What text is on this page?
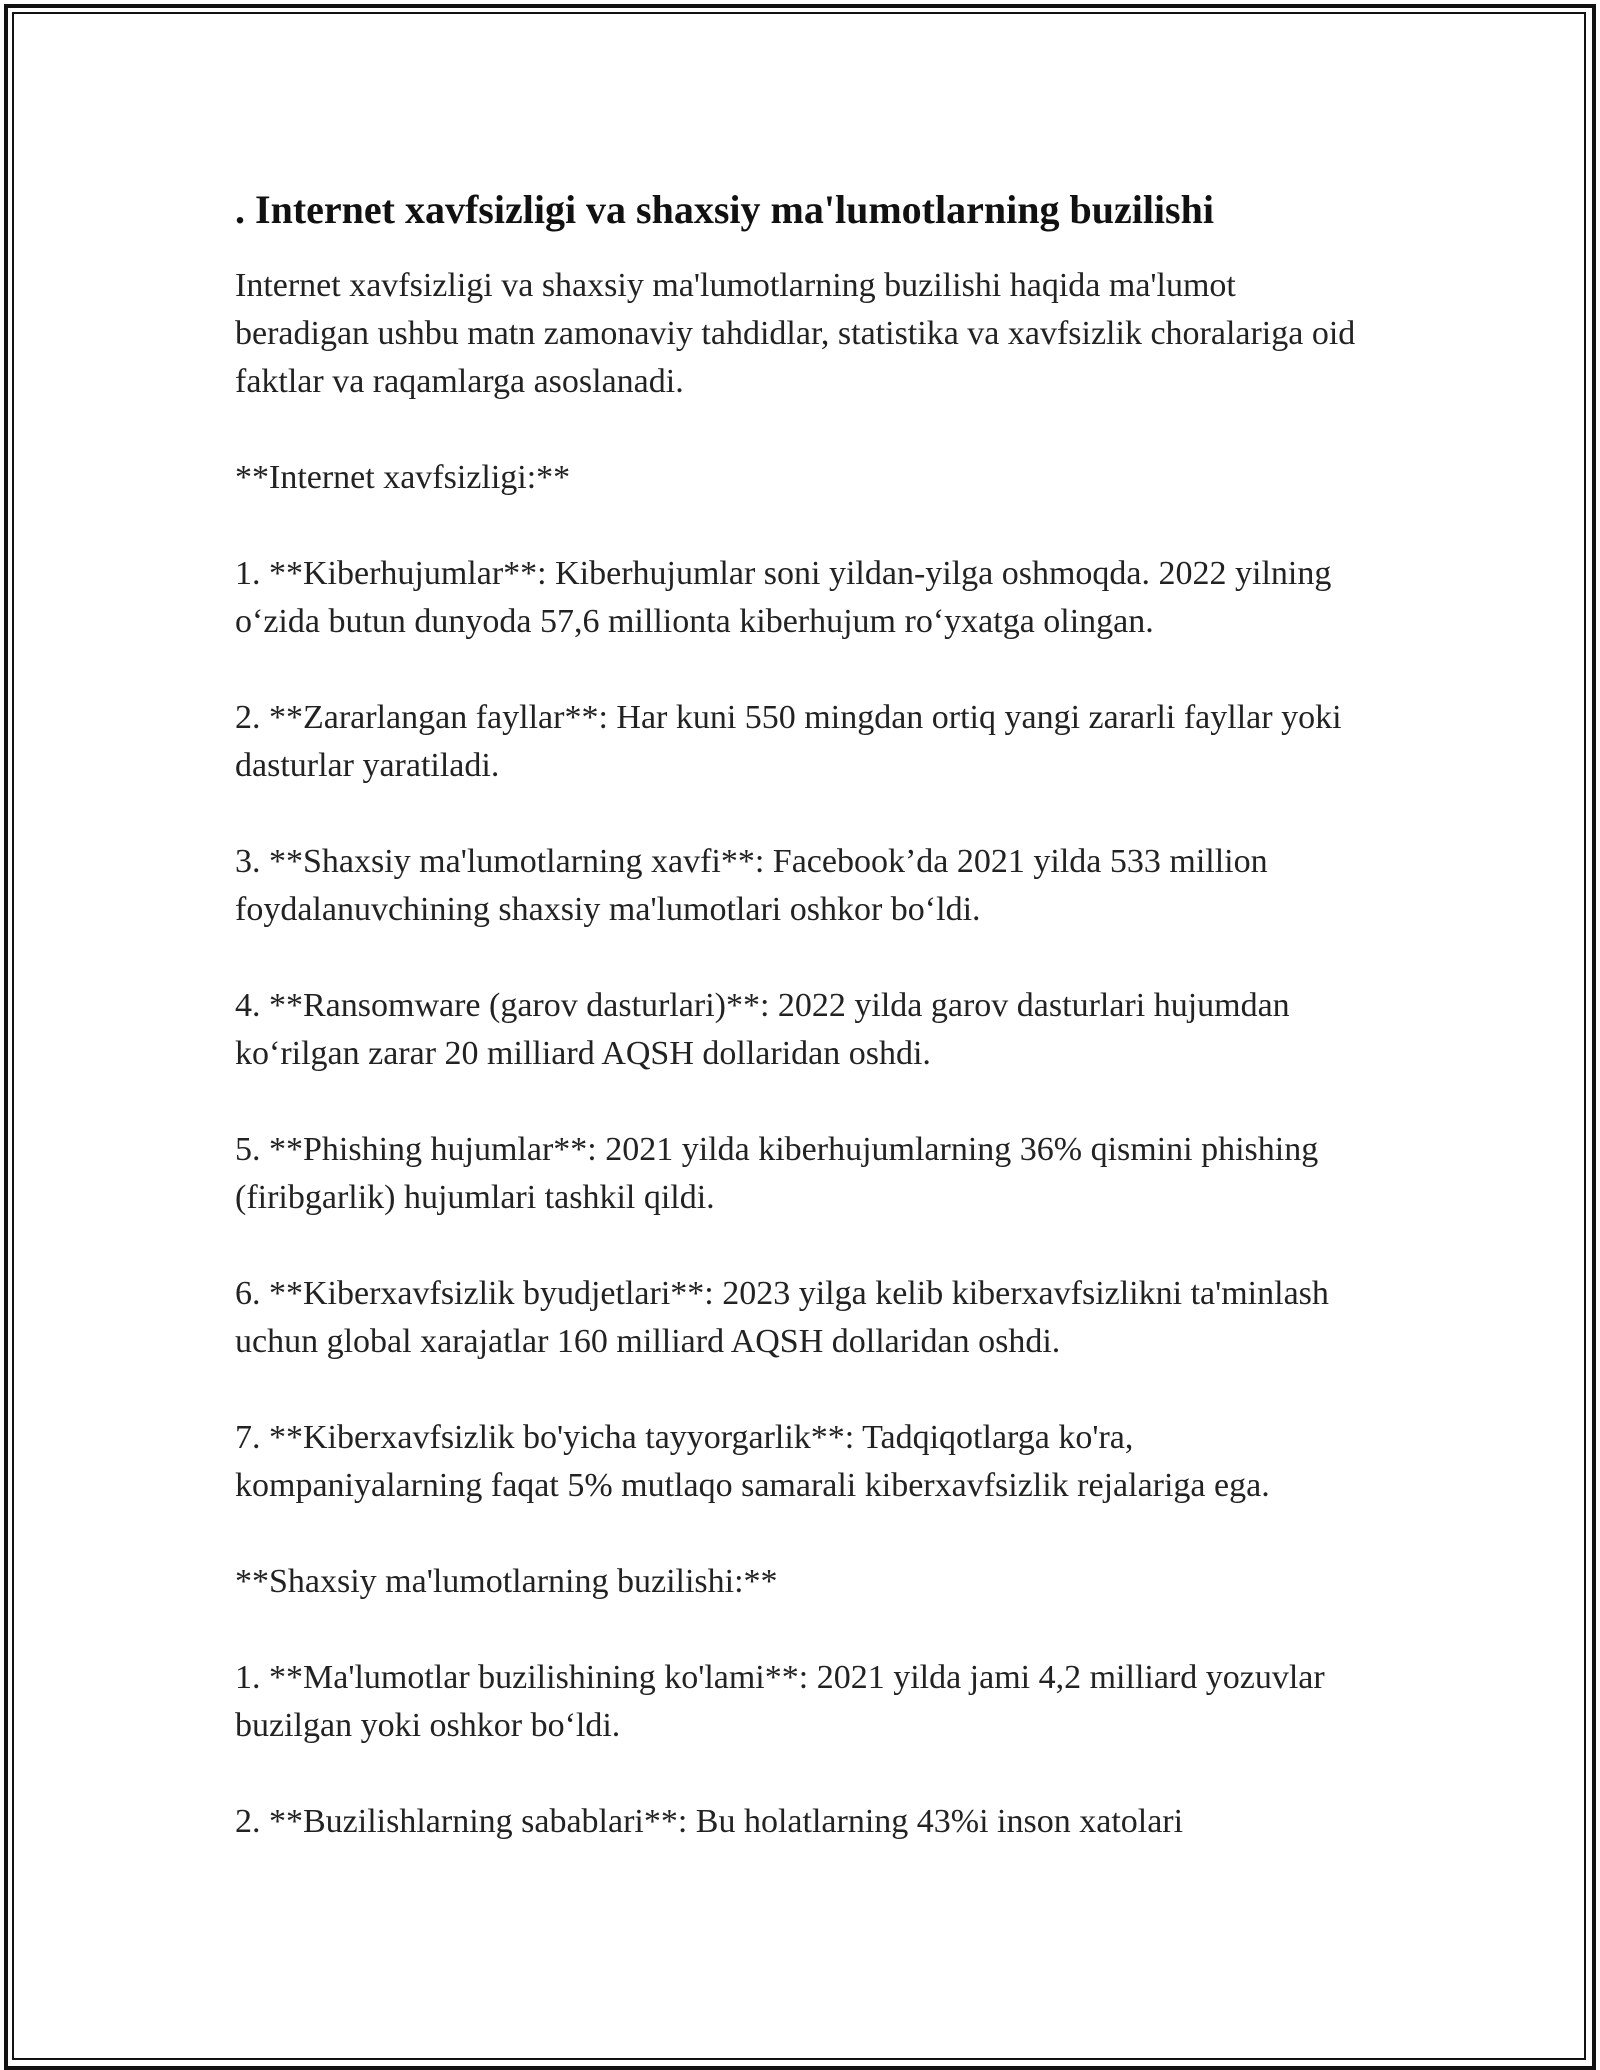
. Internet xavfsizligi va shaxsiy ma'lumotlarning buzilishi

Internet xavfsizligi va shaxsiy ma'lumotlarning buzilishi haqida ma'lumot beradigan ushbu matn zamonaviy tahdidlar, statistika va xavfsizlik choralariga oid faktlar va raqamlarga asoslanadi.

**Internet xavfsizligi:**

1. **Kiberhujumlar**: Kiberhujumlar soni yildan-yilga oshmoqda. 2022 yilning oʻzida butun dunyoda 57,6 millionta kiberhujum roʻyxatga olingan.

2. **Zararlangan fayllar**: Har kuni 550 mingdan ortiq yangi zararli fayllar yoki dasturlar yaratiladi.

3. **Shaxsiy ma'lumotlarning xavfi**: Facebook’da 2021 yilda 533 million foydalanuvchining shaxsiy ma'lumotlari oshkor boʻldi.

4. **Ransomware (garov dasturlari)**: 2022 yilda garov dasturlari hujumdan koʻrilgan zarar 20 milliard AQSH dollaridan oshdi.

5. **Phishing hujumlar**: 2021 yilda kiberhujumlarning 36% qismini phishing (firibgarlik) hujumlari tashkil qildi.

6. **Kiberxavfsizlik byudjetlari**: 2023 yilga kelib kiberxavfsizlikni ta'minlash uchun global xarajatlar 160 milliard AQSH dollaridan oshdi.

7. **Kiberxavfsizlik bo'yicha tayyorgarlik**: Tadqiqotlarga ko'ra, kompaniyalarning faqat 5% mutlaqo samarali kiberxavfsizlik rejalariga ega.

**Shaxsiy ma'lumotlarning buzilishi:**

1. **Ma'lumotlar buzilishining ko'lami**: 2021 yilda jami 4,2 milliard yozuvlar buzilgan yoki oshkor boʻldi.

2. **Buzilishlarning sabablari**: Bu holatlarning 43%i inson xatolari
